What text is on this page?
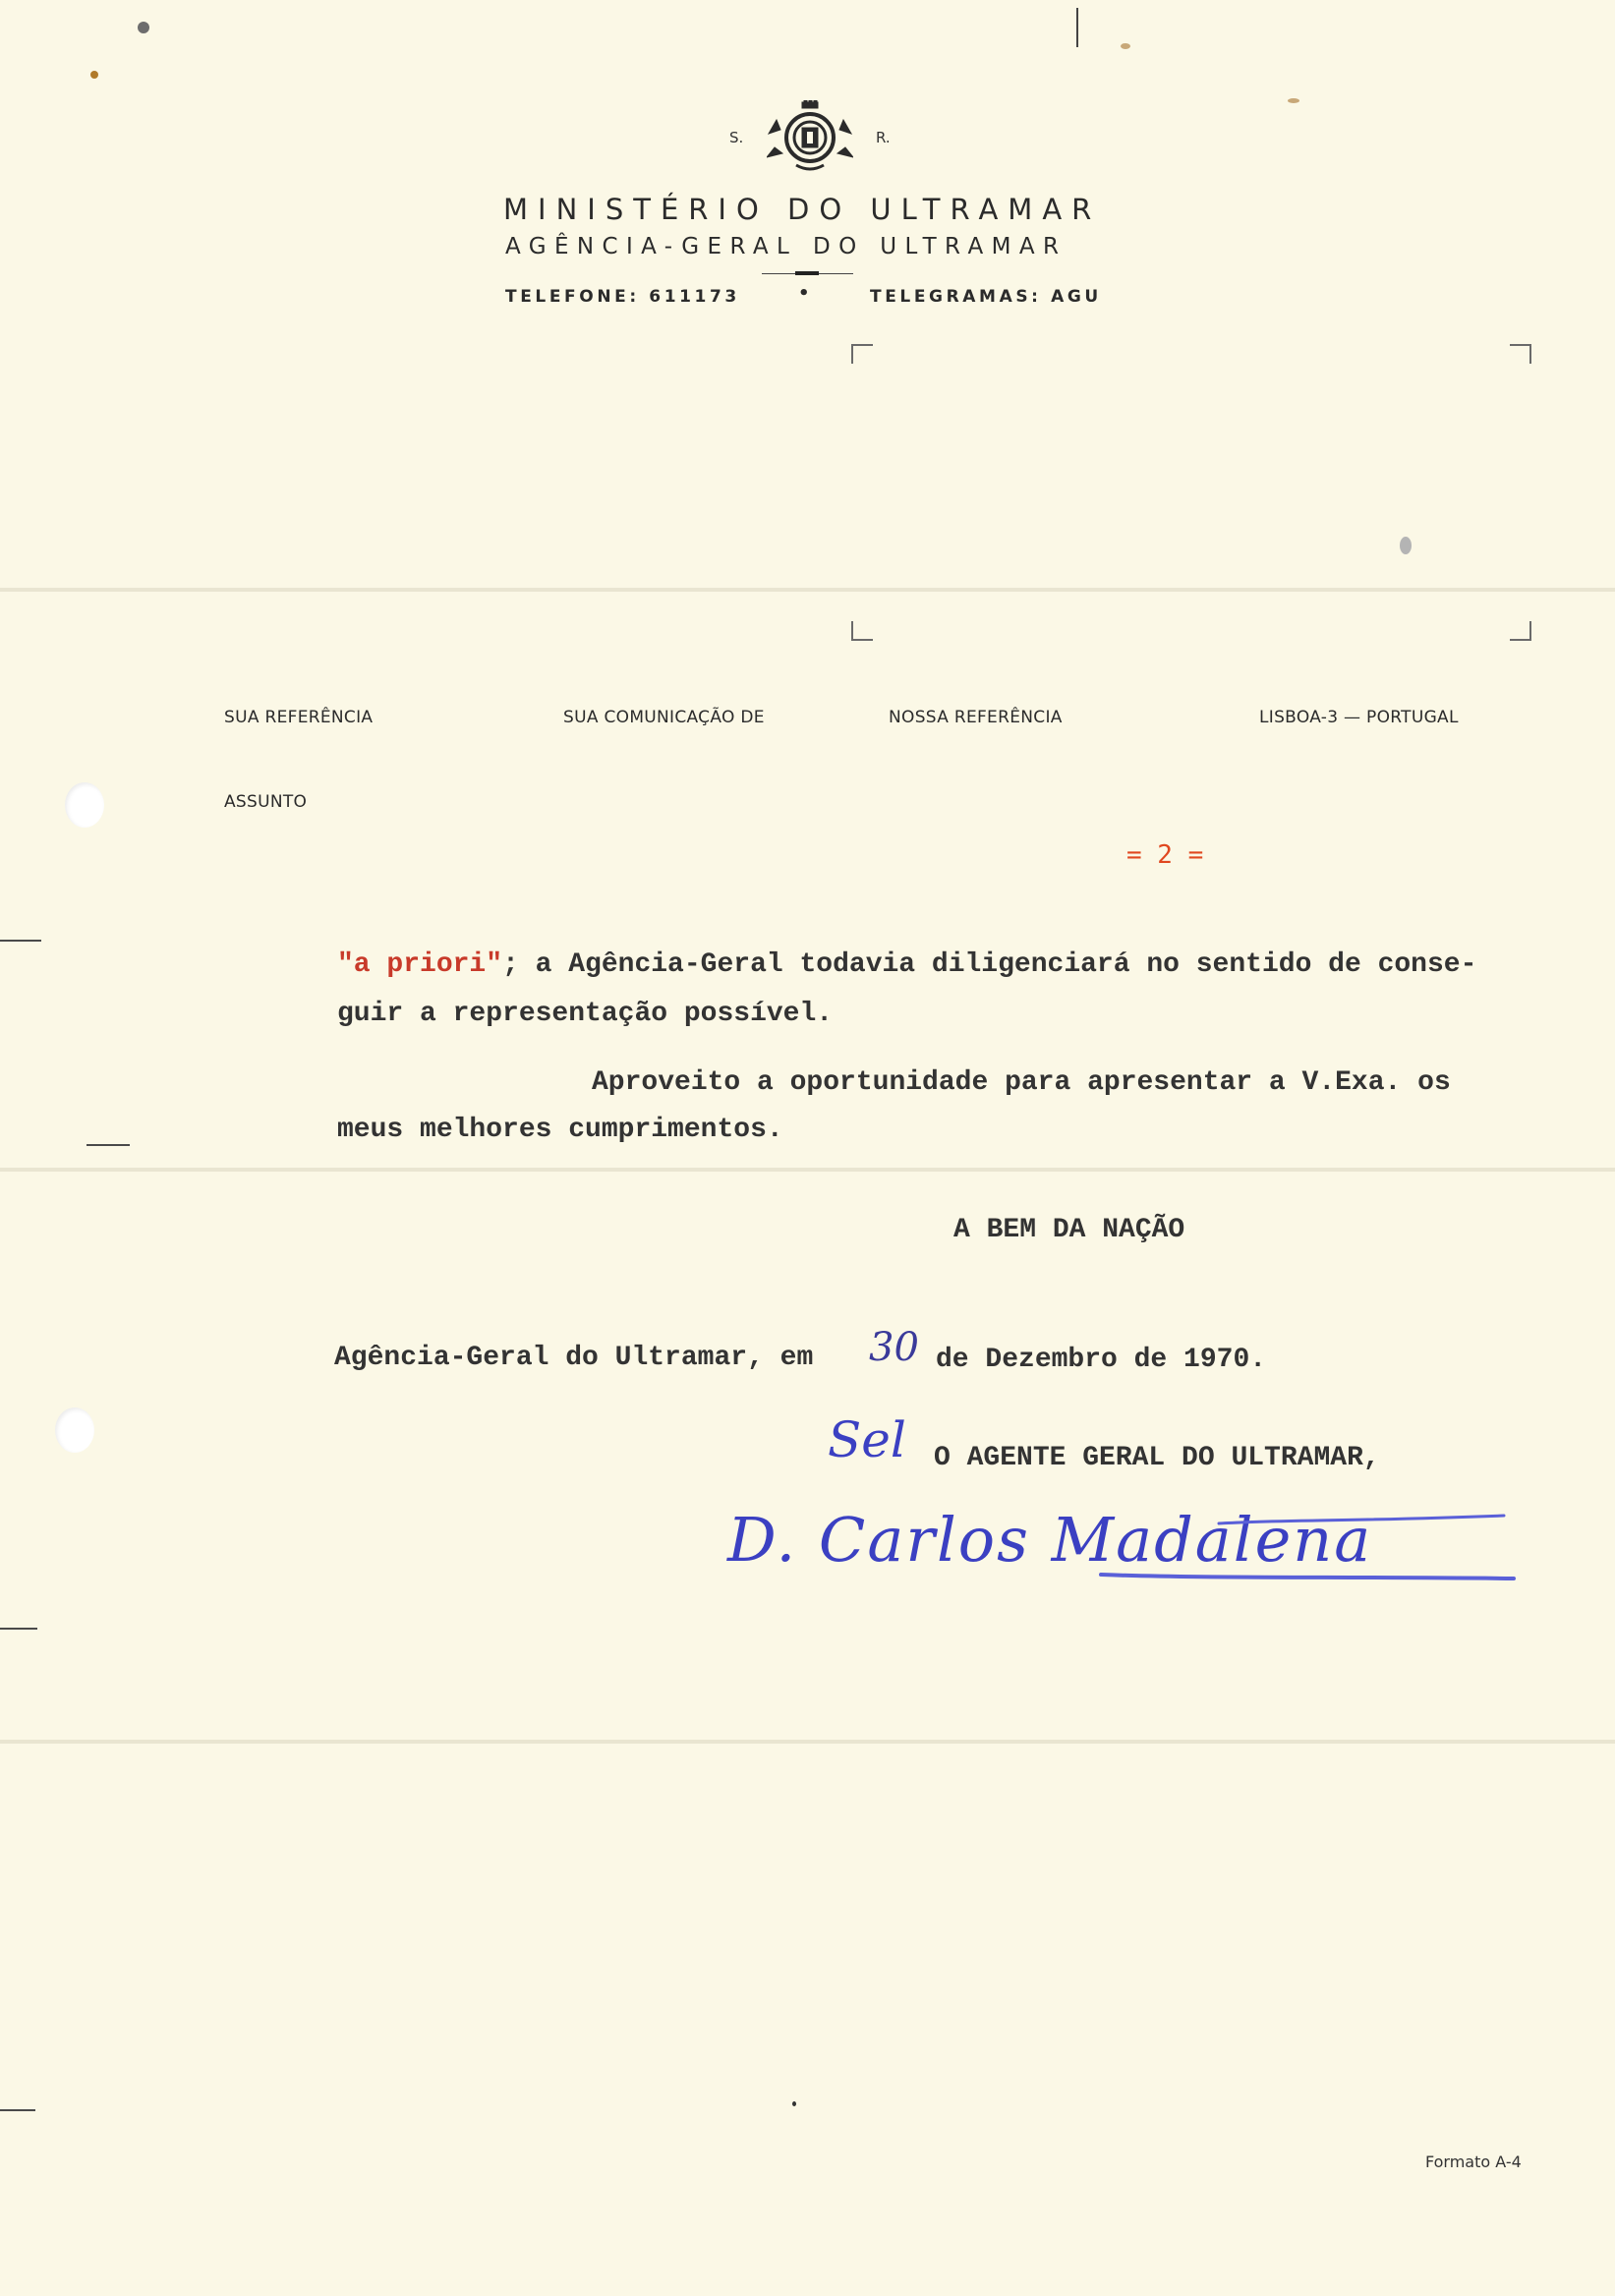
S.	R.
MINISTÉRIO DO ULTRAMAR
AGÊNCIA-GERAL DO ULTRAMAR
TELEFONE: 611173	•	TELEGRAMAS: AGU
SUA REFERÊNCIA	SUA COMUNICAÇÃO DE	NOSSA REFERÊNCIA	LISBOA-3 — PORTUGAL
ASSUNTO
= 2 =
"a priori"; a Agência-Geral todavia diligenciará no sentido de conse-
guir a representação possível.
Aproveito a oportunidade para apresentar a V.Exa. os
meus melhores cumprimentos.
A BEM DA NAÇÃO
Agência-Geral do Ultramar, em 30 de Dezembro de 1970.
Sel O AGENTE GERAL DO ULTRAMAR,
D. Carlos Madalena
Formato A-4
